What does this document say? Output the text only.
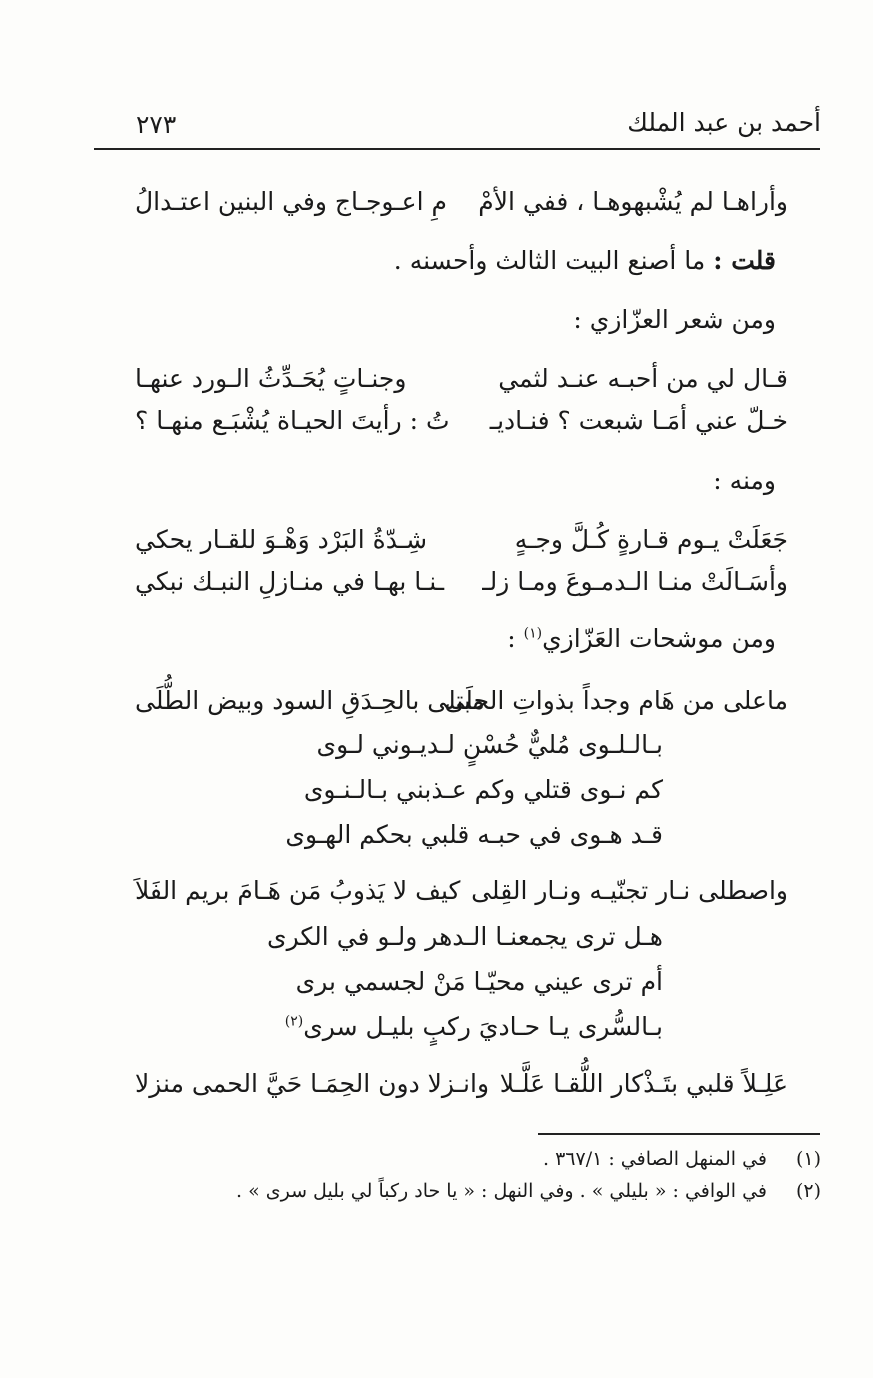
أحمد بن عبد الملك
٢٧٣
وأراهـا لم يُشْبهوهـا ، ففي الأمْ
مِ اعـوجـاج وفي البنين اعتـدالُ
قلت : ما أصنع البيت الثالث وأحسنه .
ومن شعر العزّازي :
قـال لي من أحبـه عنـد لثمي
وجنـاتٍ يُحَـدِّثُ الـورد عنهـا
خـلّ عني أمَـا شبعت ؟ فنـاديـ
تُ : رأيتَ الحيـاة يُشْبَـع منهـا ؟
ومنه :
جَعَلَتْ يـوم قـارةٍ كُـلَّ وجـهٍ
شِـدّةُ البَرْد وَهْـوَ للقـار يحكي
وأسَـالَتْ منـا الـدمـوعَ ومـا زلـ
ـنـا بهـا في منـازلِ النبـك نبكي
ومن موشحات العَزّازي$^{(١)}$ :
ماعلى من هَام وجداً بذواتِ الحلَى
مبتلى بالحِـدَقِ السود وبيض الطُّلَى
بـالـلـوى مُليٌّ حُسْنٍ لـديـوني لـوى
كم نـوى قتلي وكم عـذبني بـالـنـوى
قـد هـوى في حبـه قلبي بحكم الهـوى
واصطلى نـار تجنّيـه ونـار القِلى
كيف لا يَذوبُ مَن هَـامَ بريم الفَلاَ
هـل ترى يجمعنـا الـدهر ولـو في الكرى
أم ترى عيني محيّـا مَنْ لجسمي برى
بـالسُّرى يـا حـاديَ ركبٍ بليـل سرى$^{(٢)}$
عَلِـلاً قلبي بتَـذْكار اللُّقـا عَلَّـلا
وانـزلا دون الحِمَـا حَيَّ الحمى منزلا
(١)
في المنهل الصافي : ٣٦٧/١ .
(٢)
في الوافي : « بليلي » . وفي النهل : « يا حاد ركباً لي بليل سرى » .
